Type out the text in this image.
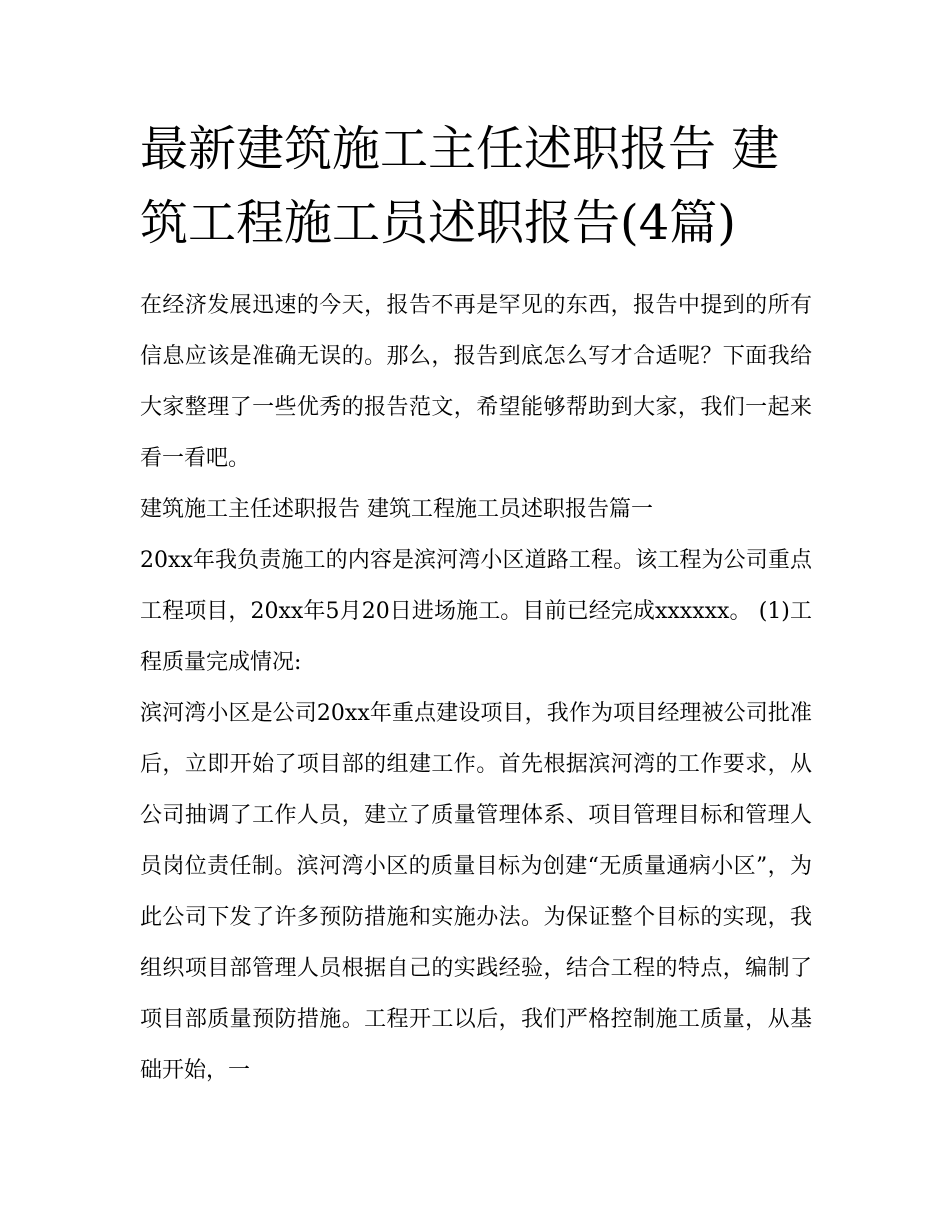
最新建筑施工主任述职报告 建筑工程施工员述职报告(4篇)

在经济发展迅速的今天，报告不再是罕见的东西，报告中提到的所有信息应该是准确无误的。那么，报告到底怎么写才合适呢？下面我给大家整理了一些优秀的报告范文，希望能够帮助到大家，我们一起来看一看吧。

建筑施工主任述职报告 建筑工程施工员述职报告篇一

20xx年我负责施工的内容是滨河湾小区道路工程。该工程为公司重点工程项目，20xx年5月20日进场施工。目前已经完成xxxxxx。 (1)工程质量完成情况:

滨河湾小区是公司20xx年重点建设项目，我作为项目经理被公司批准后，立即开始了项目部的组建工作。首先根据滨河湾的工作要求，从公司抽调了工作人员，建立了质量管理体系、项目管理目标和管理人员岗位责任制。滨河湾小区的质量目标为创建“无质量通病小区”，为此公司下发了许多预防措施和实施办法。为保证整个目标的实现，我组织项目部管理人员根据自己的实践经验，结合工程的特点，编制了项目部质量预防措施。工程开工以后，我们严格控制施工质量，从基础开始，一
